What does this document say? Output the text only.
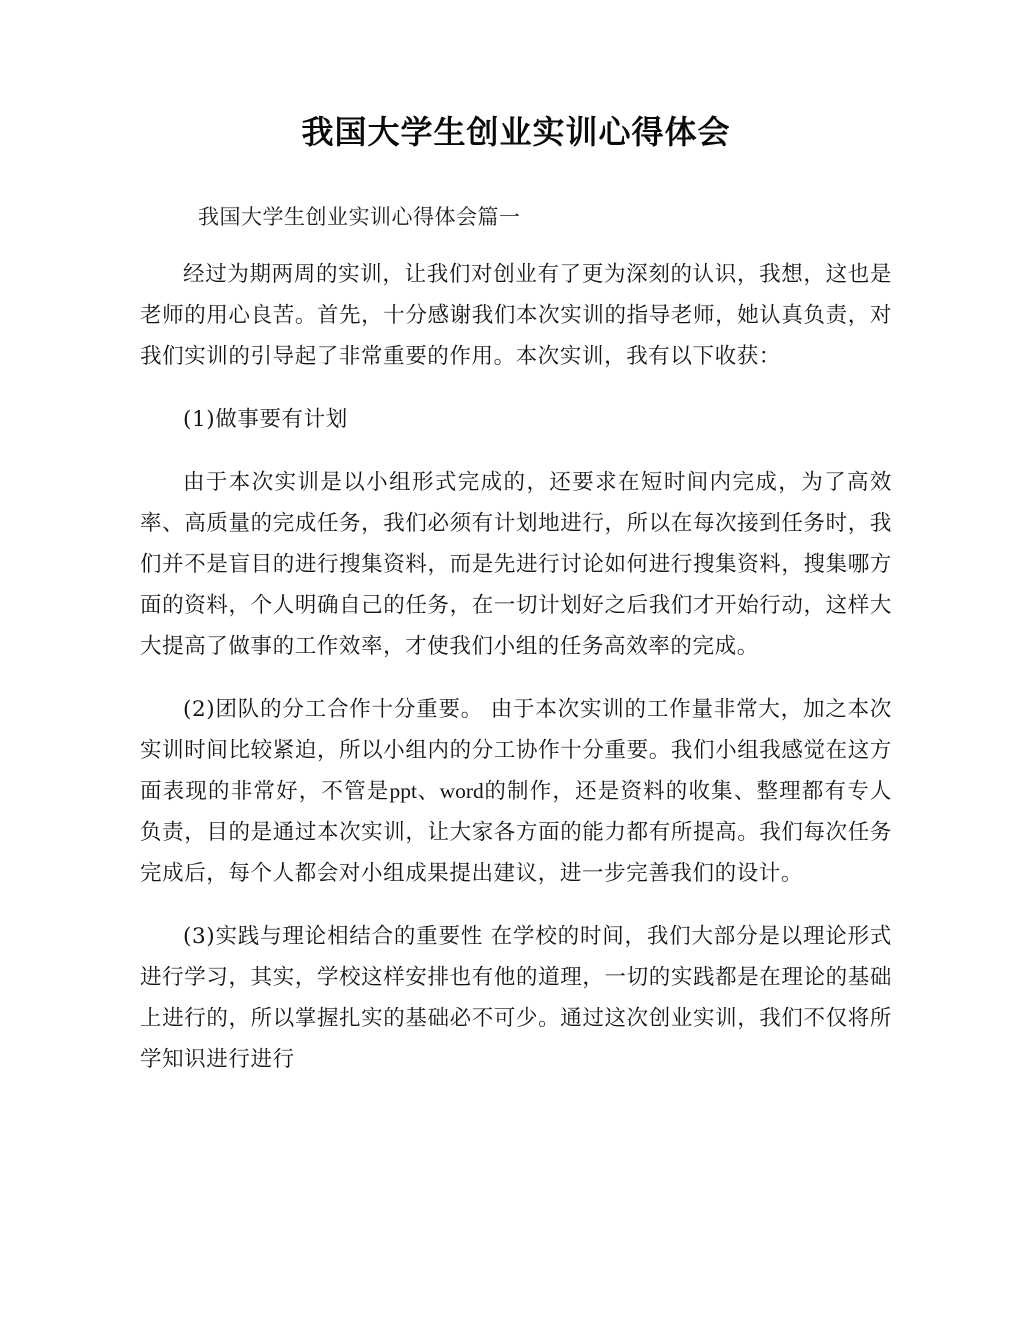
我国大学生创业实训心得体会

我国大学生创业实训心得体会篇一

经过为期两周的实训，让我们对创业有了更为深刻的认识，我想，这也是老师的用心良苦。首先，十分感谢我们本次实训的指导老师，她认真负责，对我们实训的引导起了非常重要的作用。本次实训，我有以下收获：

(1)做事要有计划

由于本次实训是以小组形式完成的，还要求在短时间内完成，为了高效率、高质量的完成任务，我们必须有计划地进行，所以在每次接到任务时，我们并不是盲目的进行搜集资料，而是先进行讨论如何进行搜集资料，搜集哪方面的资料，个人明确自己的任务，在一切计划好之后我们才开始行动，这样大大提高了做事的工作效率，才使我们小组的任务高效率的完成。

(2)团队的分工合作十分重要。 由于本次实训的工作量非常大，加之本次实训时间比较紧迫，所以小组内的分工协作十分重要。我们小组我感觉在这方面表现的非常好，不管是ppt、word的制作，还是资料的收集、整理都有专人负责，目的是通过本次实训，让大家各方面的能力都有所提高。我们每次任务完成后，每个人都会对小组成果提出建议，进一步完善我们的设计。

(3)实践与理论相结合的重要性 在学校的时间，我们大部分是以理论形式进行学习，其实，学校这样安排也有他的道理，一切的实践都是在理论的基础上进行的，所以掌握扎实的基础必不可少。通过这次创业实训，我们不仅将所学知识进行进行
